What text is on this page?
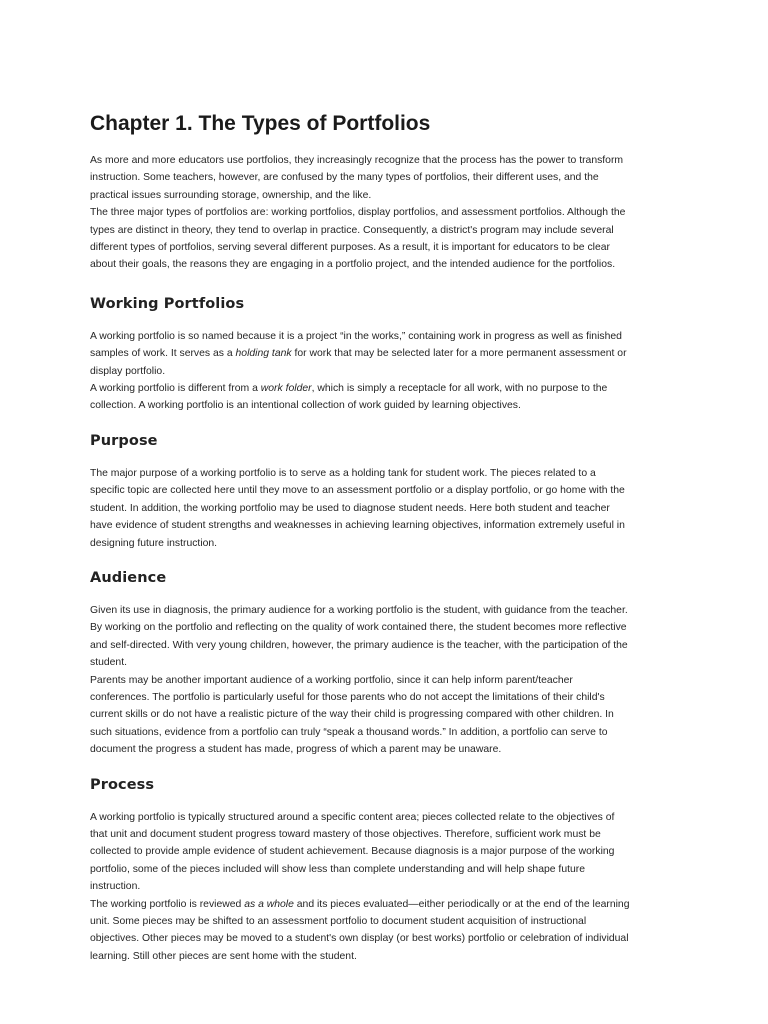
Chapter 1. The Types of Portfolios
As more and more educators use portfolios, they increasingly recognize that the process has the power to transform
instruction. Some teachers, however, are confused by the many types of portfolios, their different uses, and the
practical issues surrounding storage, ownership, and the like.
The three major types of portfolios are: working portfolios, display portfolios, and assessment portfolios. Although the
types are distinct in theory, they tend to overlap in practice. Consequently, a district's program may include several
different types of portfolios, serving several different purposes. As a result, it is important for educators to be clear
about their goals, the reasons they are engaging in a portfolio project, and the intended audience for the portfolios.
Working Portfolios
A working portfolio is so named because it is a project “in the works,” containing work in progress as well as finished
samples of work. It serves as a holding tank for work that may be selected later for a more permanent assessment or
display portfolio.
A working portfolio is different from a work folder, which is simply a receptacle for all work, with no purpose to the
collection. A working portfolio is an intentional collection of work guided by learning objectives.
Purpose
The major purpose of a working portfolio is to serve as a holding tank for student work. The pieces related to a
specific topic are collected here until they move to an assessment portfolio or a display portfolio, or go home with the
student. In addition, the working portfolio may be used to diagnose student needs. Here both student and teacher
have evidence of student strengths and weaknesses in achieving learning objectives, information extremely useful in
designing future instruction.
Audience
Given its use in diagnosis, the primary audience for a working portfolio is the student, with guidance from the teacher.
By working on the portfolio and reflecting on the quality of work contained there, the student becomes more reflective
and self-directed. With very young children, however, the primary audience is the teacher, with the participation of the
student.
Parents may be another important audience of a working portfolio, since it can help inform parent/teacher
conferences. The portfolio is particularly useful for those parents who do not accept the limitations of their child's
current skills or do not have a realistic picture of the way their child is progressing compared with other children. In
such situations, evidence from a portfolio can truly “speak a thousand words.” In addition, a portfolio can serve to
document the progress a student has made, progress of which a parent may be unaware.
Process
A working portfolio is typically structured around a specific content area; pieces collected relate to the objectives of
that unit and document student progress toward mastery of those objectives. Therefore, sufficient work must be
collected to provide ample evidence of student achievement. Because diagnosis is a major purpose of the working
portfolio, some of the pieces included will show less than complete understanding and will help shape future
instruction.
The working portfolio is reviewed as a whole and its pieces evaluated—either periodically or at the end of the learning
unit. Some pieces may be shifted to an assessment portfolio to document student acquisition of instructional
objectives. Other pieces may be moved to a student's own display (or best works) portfolio or celebration of individual
learning. Still other pieces are sent home with the student.
